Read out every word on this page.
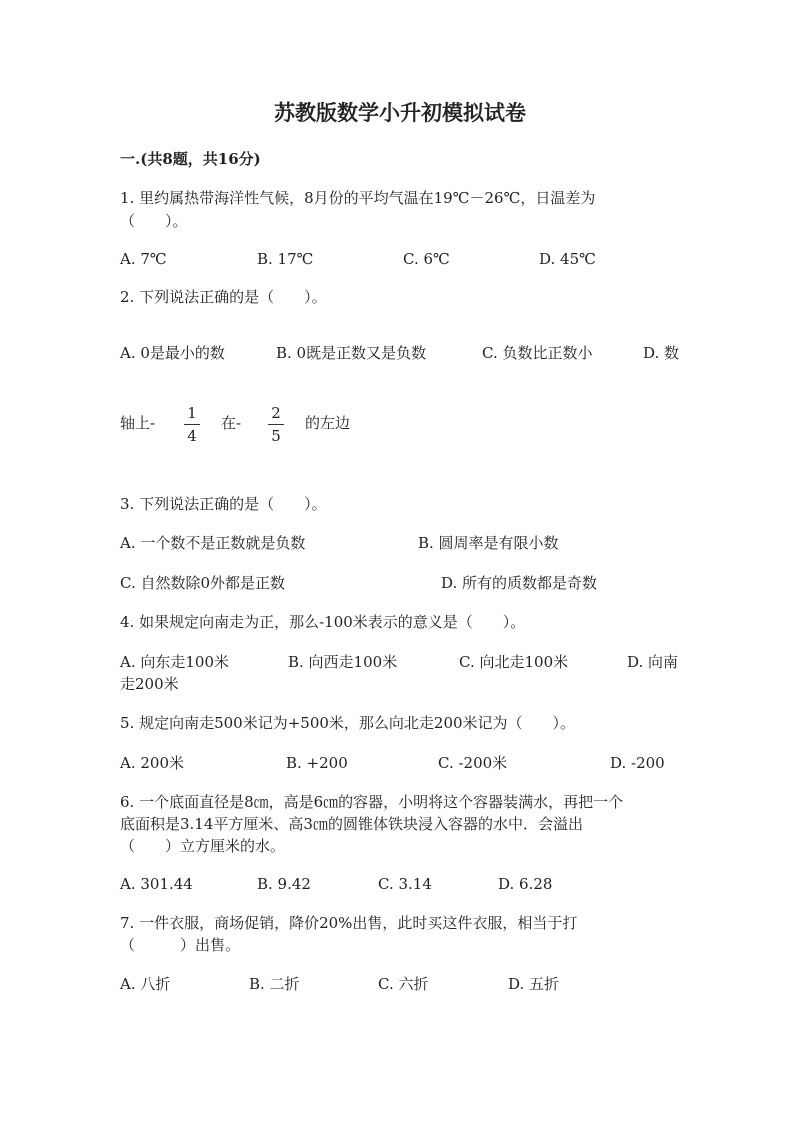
苏教版数学小升初模拟试卷
一.(共8题，共16分)
1. 里约属热带海洋性气候，8月份的平均气温在19℃－26℃，日温差为
（　　）。
A. 7℃	B. 17℃	C. 6℃	D. 45℃
2. 下列说法正确的是（　　）。
A. 0是最小的数	B. 0既是正数又是负数	C. 负数比正数小	D. 数
轴上-
1
4
在-
2
5
的左边
3. 下列说法正确的是（　　）。
A. 一个数不是正数就是负数	B. 圆周率是有限小数
C. 自然数除0外都是正数	D. 所有的质数都是奇数
4. 如果规定向南走为正，那么-100米表示的意义是（　　）。
A. 向东走100米	B. 向西走100米	C. 向北走100米	D. 向南
走200米
5. 规定向南走500米记为+500米，那么向北走200米记为（　　）。
A. 200米	B. +200	C. -200米	D. -200
6. 一个底面直径是8㎝，高是6㎝的容器，小明将这个容器装满水，再把一个
底面积是3.14平方厘米、高3㎝的圆锥体铁块浸入容器的水中．会溢出
（　　）立方厘米的水。
A. 301.44	B. 9.42	C. 3.14	D. 6.28
7. 一件衣服，商场促销，降价20%出售，此时买这件衣服，相当于打
（　　　）出售。
A. 八折	B. 二折	C. 六折	D. 五折
